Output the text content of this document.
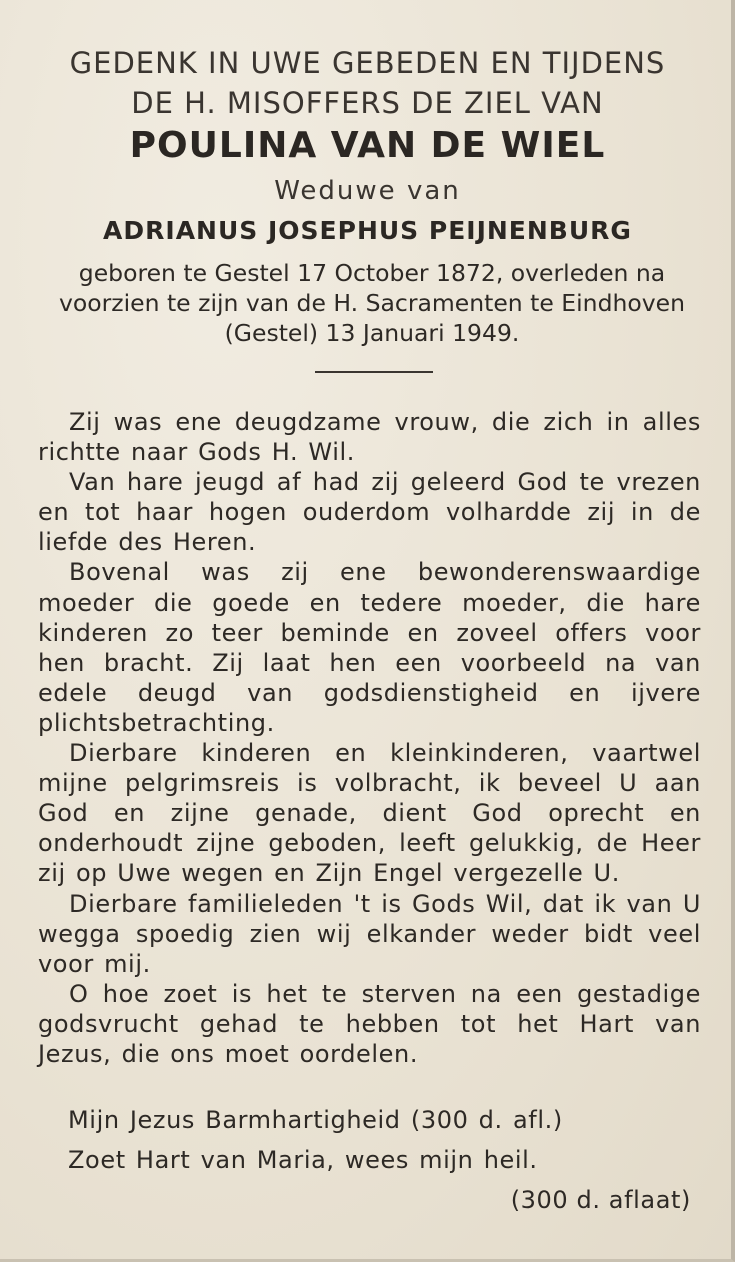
GEDENK IN UWE GEBEDEN EN TIJDENS
DE H. MISOFFERS DE ZIEL VAN
POULINA VAN DE WIEL
Weduwe van
ADRIANUS JOSEPHUS PEIJNENBURG
geboren te Gestel 17 October 1872, overleden na voorzien te zijn van de H. Sacramenten te Eindhoven (Gestel) 13 Januari 1949.

Zij was ene deugdzame vrouw, die zich in alles richtte naar Gods H. Wil.

Van hare jeugd af had zij geleerd God te vrezen en tot haar hogen ouderdom volhardde zij in de liefde des Heren.

Bovenal was zij ene bewonderenswaardige moeder die goede en tedere moeder, die hare kinderen zo teer beminde en zoveel offers voor hen bracht. Zij laat hen een voorbeeld na van edele deugd van godsdienstigheid en ijvere plichtsbetrachting.

Dierbare kinderen en kleinkinderen, vaartwel mijne pelgrimsreis is volbracht, ik beveel U aan God en zijne genade, dient God oprecht en onderhoudt zijne geboden, leeft gelukkig, de Heer zij op Uwe wegen en Zijn Engel vergezelle U.

Dierbare familieleden 't is Gods Wil, dat ik van U wegga spoedig zien wij elkander weder bidt veel voor mij.

O hoe zoet is het te sterven na een gestadige godsvrucht gehad te hebben tot het Hart van Jezus, die ons moet oordelen.

Mijn Jezus Barmhartigheid (300 d. afl.)
Zoet Hart van Maria, wees mijn heil.
(300 d. aflaat)
